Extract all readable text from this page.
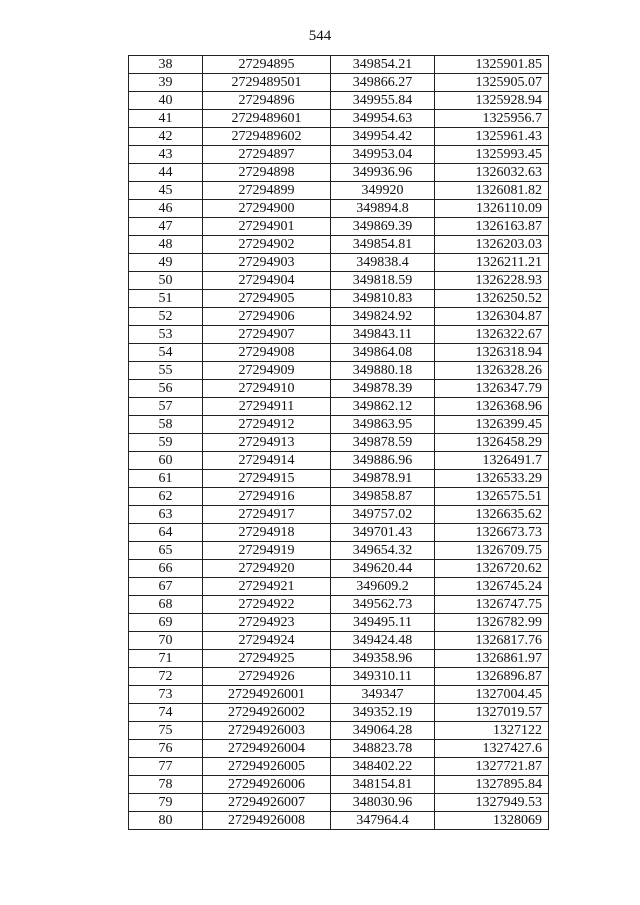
544
38	27294895	349854.21	1325901.85
39	2729489501	349866.27	1325905.07
40	27294896	349955.84	1325928.94
41	2729489601	349954.63	1325956.7
42	2729489602	349954.42	1325961.43
43	27294897	349953.04	1325993.45
44	27294898	349936.96	1326032.63
45	27294899	349920	1326081.82
46	27294900	349894.8	1326110.09
47	27294901	349869.39	1326163.87
48	27294902	349854.81	1326203.03
49	27294903	349838.4	1326211.21
50	27294904	349818.59	1326228.93
51	27294905	349810.83	1326250.52
52	27294906	349824.92	1326304.87
53	27294907	349843.11	1326322.67
54	27294908	349864.08	1326318.94
55	27294909	349880.18	1326328.26
56	27294910	349878.39	1326347.79
57	27294911	349862.12	1326368.96
58	27294912	349863.95	1326399.45
59	27294913	349878.59	1326458.29
60	27294914	349886.96	1326491.7
61	27294915	349878.91	1326533.29
62	27294916	349858.87	1326575.51
63	27294917	349757.02	1326635.62
64	27294918	349701.43	1326673.73
65	27294919	349654.32	1326709.75
66	27294920	349620.44	1326720.62
67	27294921	349609.2	1326745.24
68	27294922	349562.73	1326747.75
69	27294923	349495.11	1326782.99
70	27294924	349424.48	1326817.76
71	27294925	349358.96	1326861.97
72	27294926	349310.11	1326896.87
73	27294926001	349347	1327004.45
74	27294926002	349352.19	1327019.57
75	27294926003	349064.28	1327122
76	27294926004	348823.78	1327427.6
77	27294926005	348402.22	1327721.87
78	27294926006	348154.81	1327895.84
79	27294926007	348030.96	1327949.53
80	27294926008	347964.4	1328069
